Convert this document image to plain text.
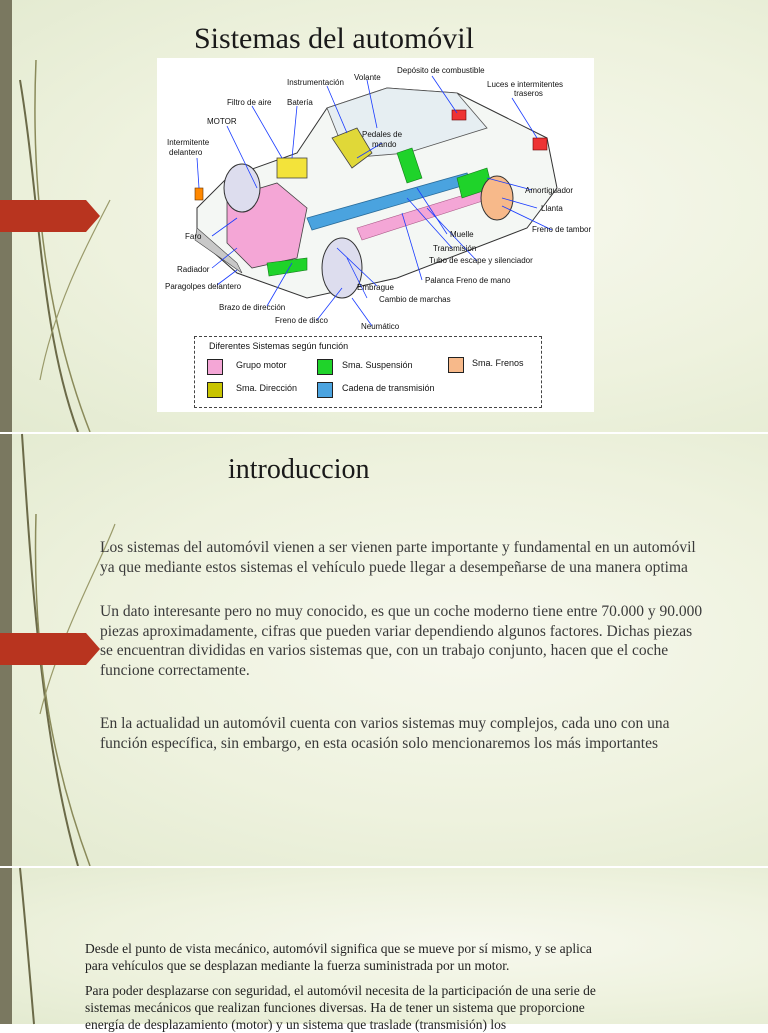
Sistemas del automóvil
Instrumentación
Volante
Depósito de combustible
Luces e intermitentes
traseros
Filtro de aire Batería
MOTOR
Pedales de
mando
Intermitente
delantero
Amortiguador
Llanta
Freno de tambor
Faro	Muelle
Transmisión
Tubo de escape y silenciador
Radiador
Palanca Freno de mano
Paragolpes delantero	Embrague
Cambio de marchas
Brazo de dirección
Freno de disco
Neumático
Diferentes Sistemas según función
Grupo motor	Sma. Suspensión	Sma. Frenos
Sma. Dirección	Cadena de transmisión
introduccion

Los sistemas del automóvil vienen a ser vienen parte importante y fundamental en un automóvil ya que mediante estos sistemas el vehículo puede llegar a desempeñarse de una manera optima

Un dato interesante pero no muy conocido, es que un coche moderno tiene entre 70.000 y 90.000 piezas aproximadamente, cifras que pueden variar dependiendo algunos factores. Dichas piezas se encuentran divididas en varios sistemas que, con un trabajo conjunto, hacen que el coche funcione correctamente.

En la actualidad un automóvil cuenta con varios sistemas muy complejos, cada uno con una función específica, sin embargo, en esta ocasión solo mencionaremos los más importantes

Desde el punto de vista mecánico, automóvil significa que se mueve por sí mismo, y se aplica para vehículos que se desplazan mediante la fuerza suministrada por un motor.

Para poder desplazarse con seguridad, el automóvil necesita de la participación de una serie de sistemas mecánicos que realizan funciones diversas. Ha de tener un sistema que proporcione energía de desplazamiento (motor) y un sistema que traslade (transmisión) los
